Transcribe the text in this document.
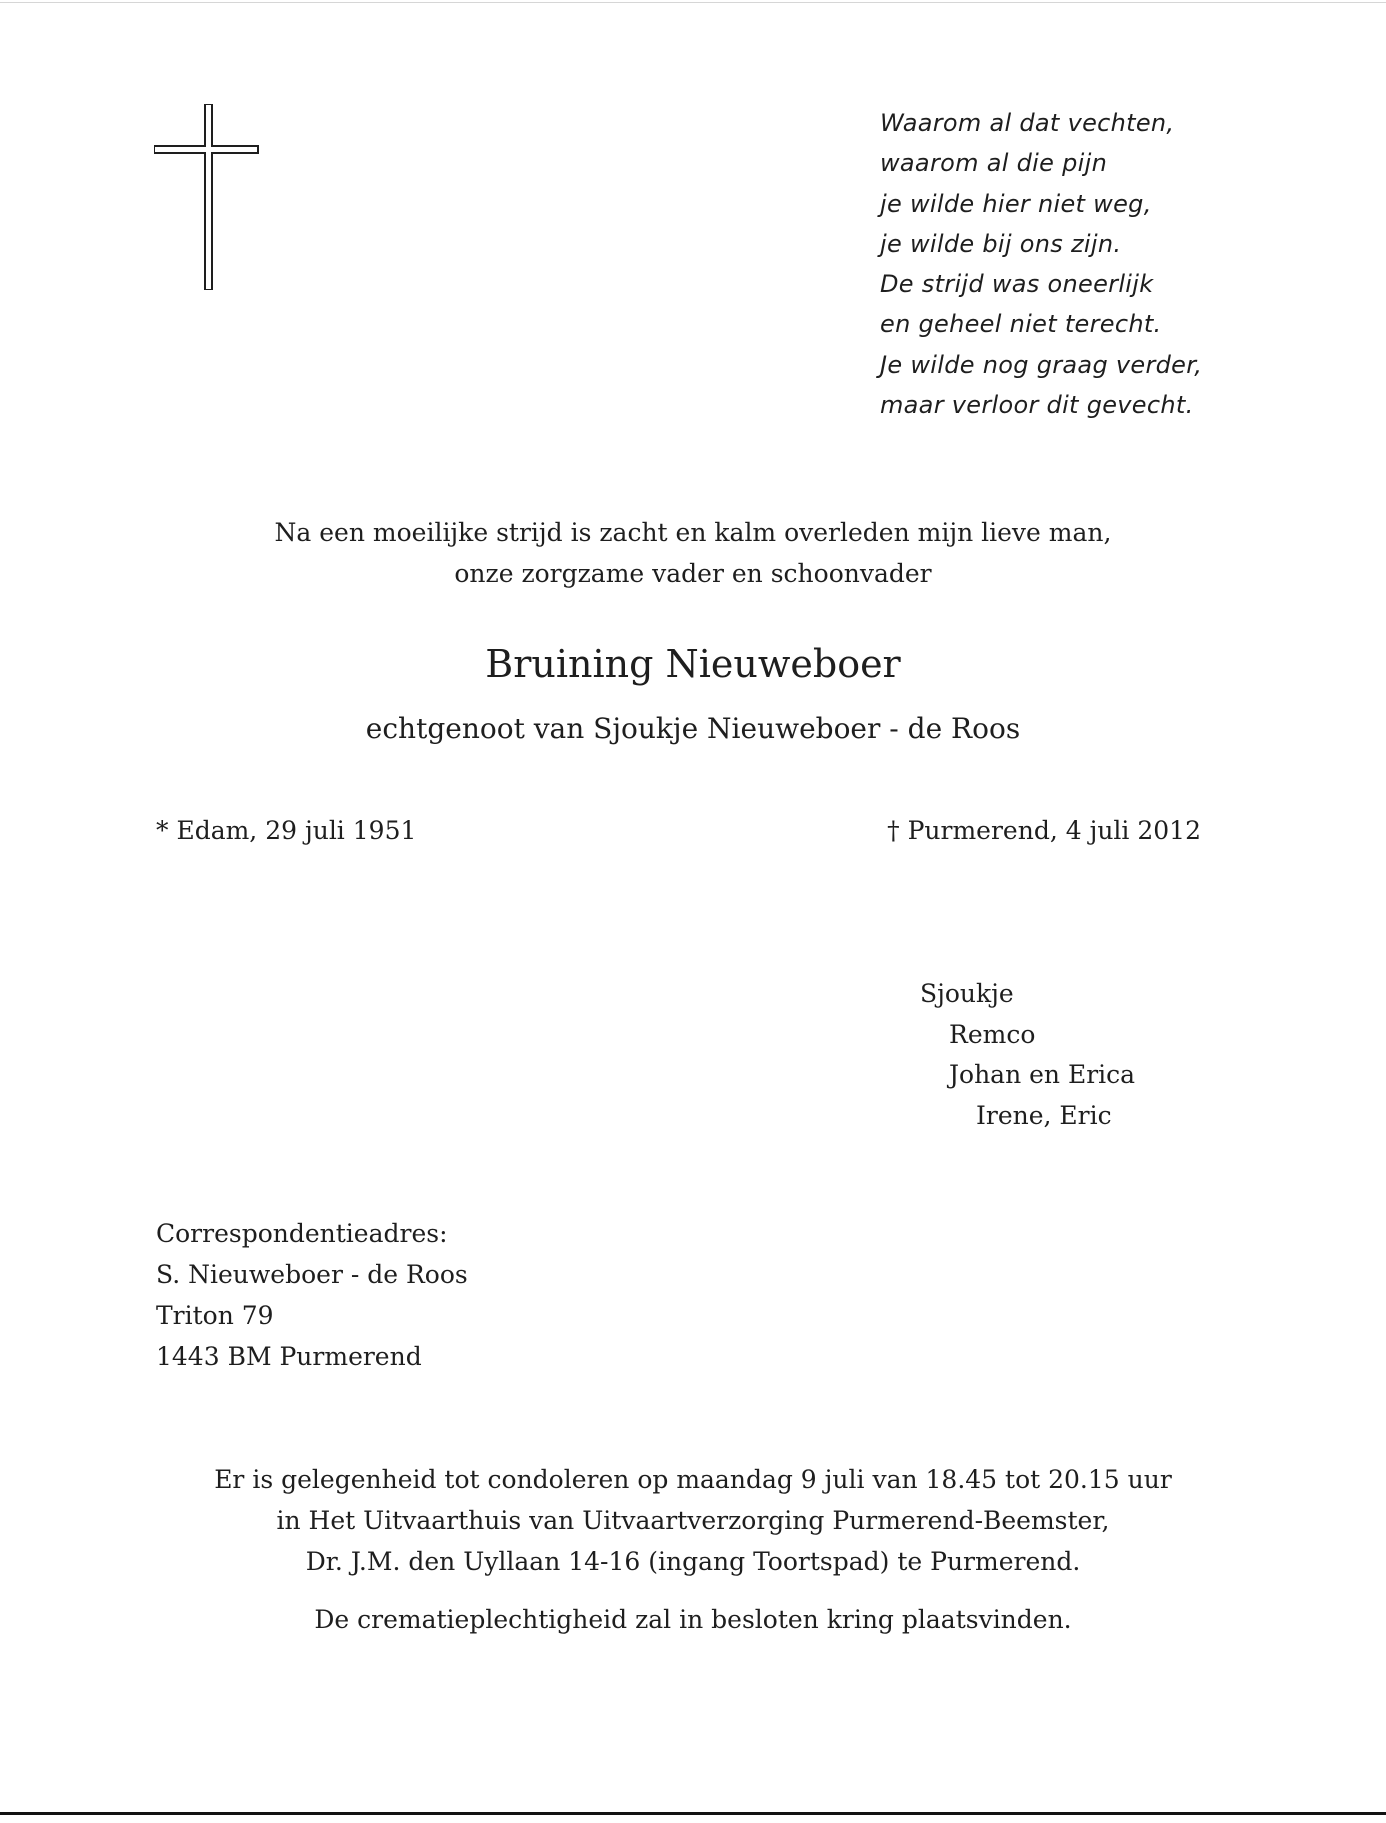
Waarom al dat vechten,
waarom al die pijn
je wilde hier niet weg,
je wilde bij ons zijn.
De strijd was oneerlijk
en geheel niet terecht.
Je wilde nog graag verder,
maar verloor dit gevecht.
Na een moeilijke strijd is zacht en kalm overleden mijn lieve man,
onze zorgzame vader en schoonvader
Bruining Nieuweboer
echtgenoot van Sjoukje Nieuweboer - de Roos
* Edam, 29 juli 1951	† Purmerend, 4 juli 2012
Sjoukje
Remco
Johan en Erica
Irene, Eric
Correspondentieadres:
S. Nieuweboer - de Roos
Triton 79
1443 BM Purmerend
Er is gelegenheid tot condoleren op maandag 9 juli van 18.45 tot 20.15 uur
in Het Uitvaarthuis van Uitvaartverzorging Purmerend-Beemster,
Dr. J.M. den Uyllaan 14-16 (ingang Toortspad) te Purmerend.
De crematieplechtigheid zal in besloten kring plaatsvinden.
